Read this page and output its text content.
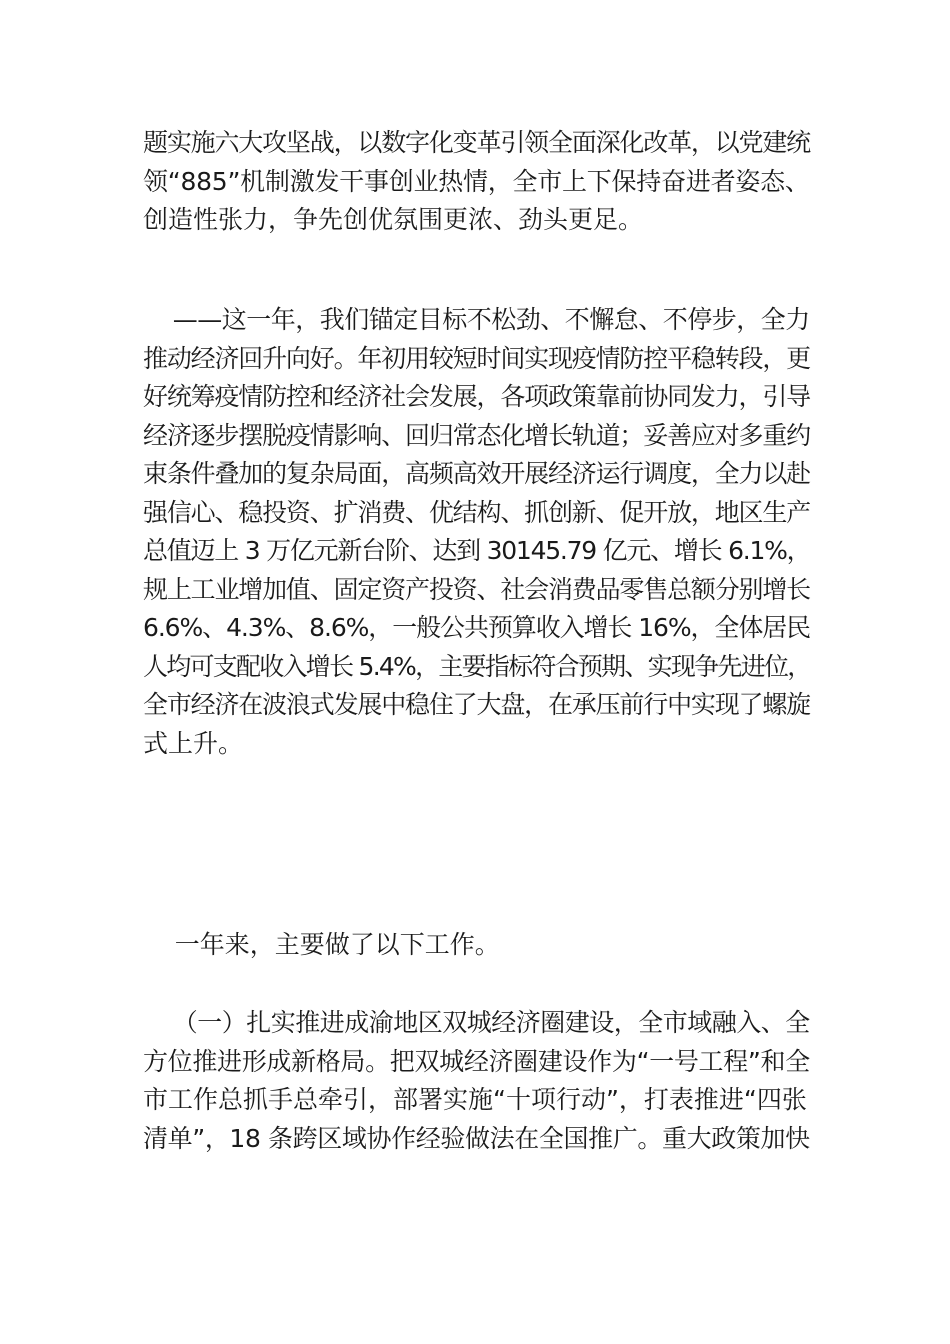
题实施六大攻坚战，以数字化变革引领全面深化改革，以党建统
领“885”机制激发干事创业热情，全市上下保持奋进者姿态、
创造性张力，争先创优氛围更浓、劲头更足。
——这一年，我们锚定目标不松劲、不懈怠、不停步，全力
推动经济回升向好。年初用较短时间实现疫情防控平稳转段，更
好统筹疫情防控和经济社会发展，各项政策靠前协同发力，引导
经济逐步摆脱疫情影响、回归常态化增长轨道；妥善应对多重约
束条件叠加的复杂局面，高频高效开展经济运行调度，全力以赴
强信心、稳投资、扩消费、优结构、抓创新、促开放，地区生产
总值迈上 3 万亿元新台阶、达到 30145.79 亿元、增长 6.1%，
规上工业增加值、固定资产投资、社会消费品零售总额分别增长
6.6%、4.3%、8.6%，一般公共预算收入增长 16%，全体居民
人均可支配收入增长 5.4%，主要指标符合预期、实现争先进位，
全市经济在波浪式发展中稳住了大盘，在承压前行中实现了螺旋
式上升。
一年来，主要做了以下工作。
（一）扎实推进成渝地区双城经济圈建设，全市域融入、全
方位推进形成新格局。把双城经济圈建设作为“一号工程”和全
市工作总抓手总牵引，部署实施“十项行动”，打表推进“四张
清单”，18 条跨区域协作经验做法在全国推广。重大政策加快
